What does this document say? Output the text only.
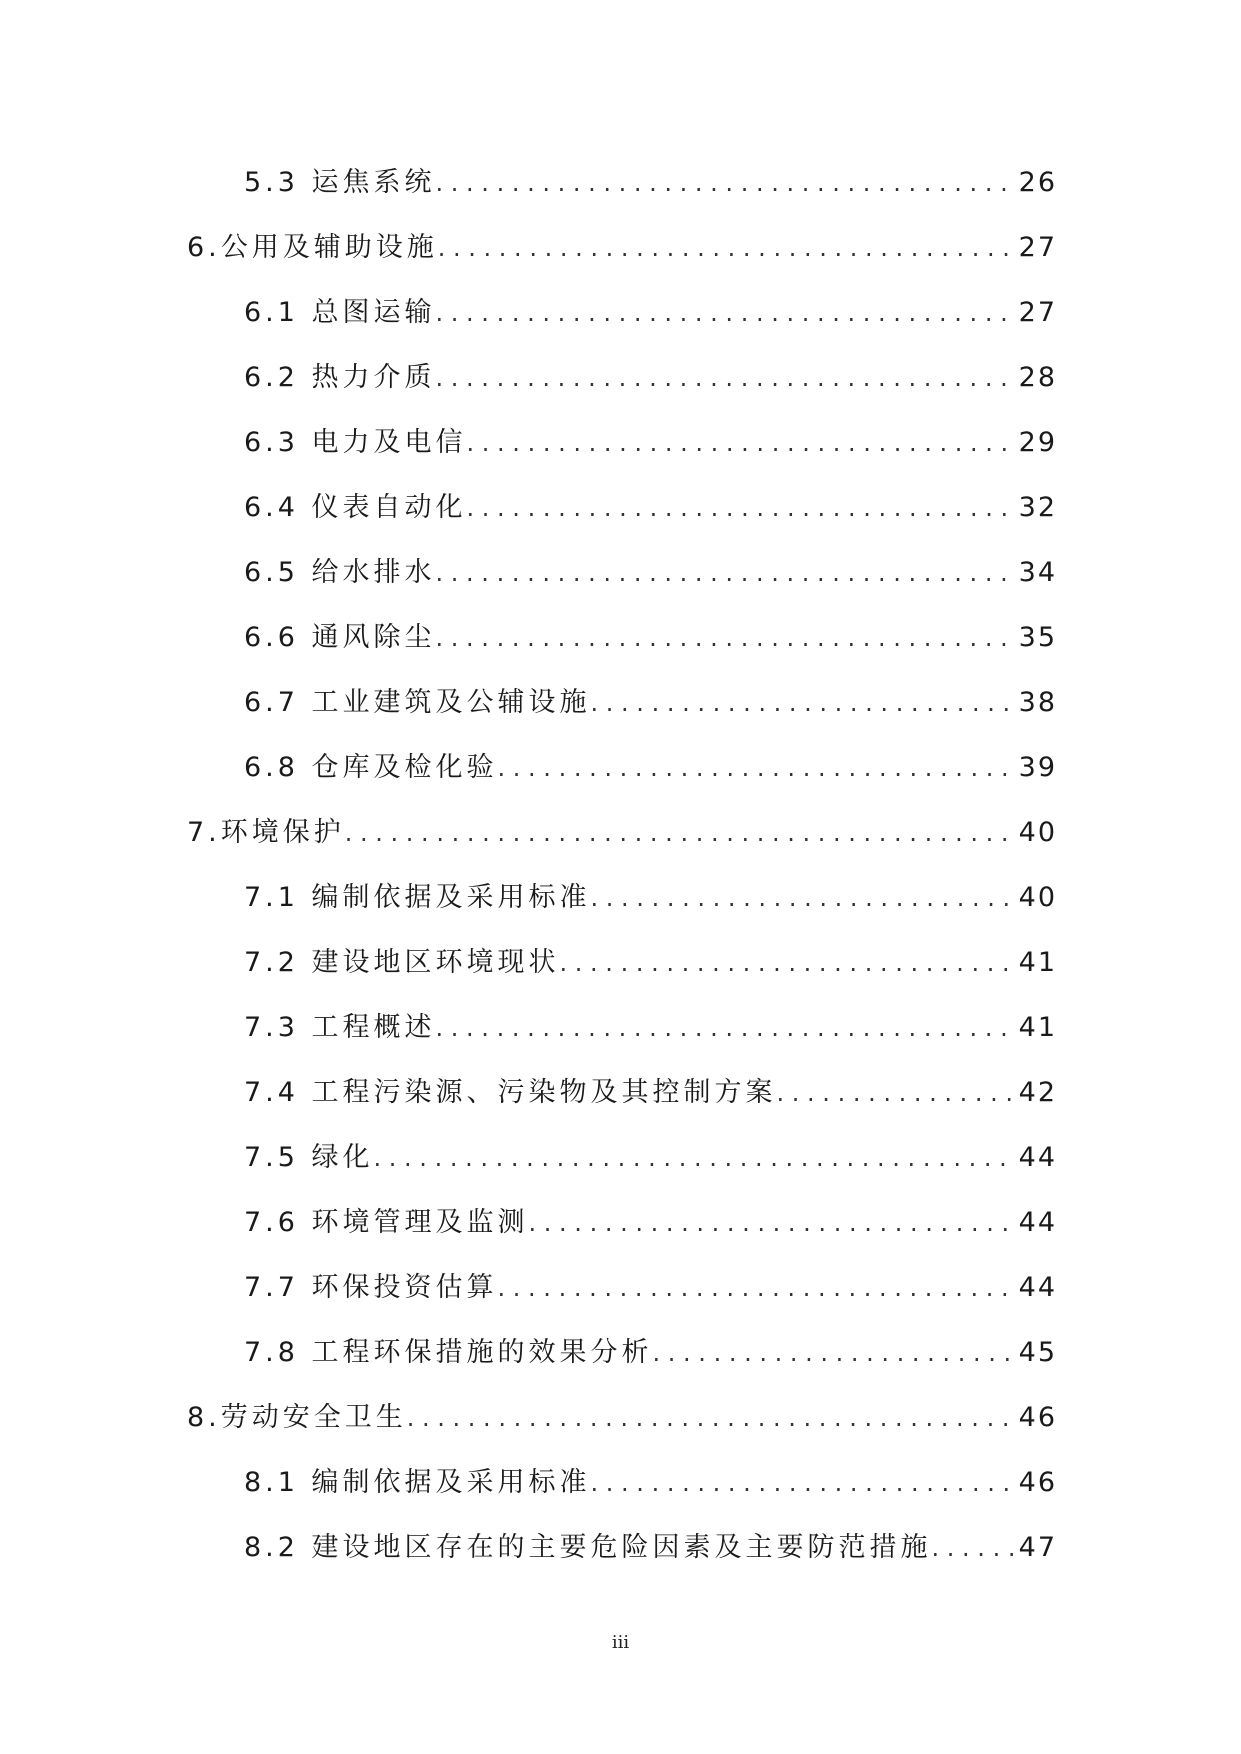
5.3 运焦系统 . . .	26
6.公用及辅助设施 . . .	27
6.1 总图运输 . . .	27
6.2 热力介质 . . .	28
6.3 电力及电信 . . .	29
6.4 仪表自动化 . . .	32
6.5 给水排水 . . .	34
6.6 通风除尘 . . .	35
6.7 工业建筑及公辅设施 . . .	38
6.8 仓库及检化验 . . .	39
7.环境保护 . . .	40
7.1 编制依据及采用标准 . . .	40
7.2 建设地区环境现状 . . .	41
7.3 工程概述 . . .	41
7.4 工程污染源、污染物及其控制方案 . . .	42
7.5 绿化 . . .	44
7.6 环境管理及监测 . . .	44
7.7 环保投资估算 . . .	44
7.8 工程环保措施的效果分析 . . .	45
8.劳动安全卫生 . . .	46
8.1 编制依据及采用标准 . . .	46
8.2 建设地区存在的主要危险因素及主要防范措施 . . .	47
iii
